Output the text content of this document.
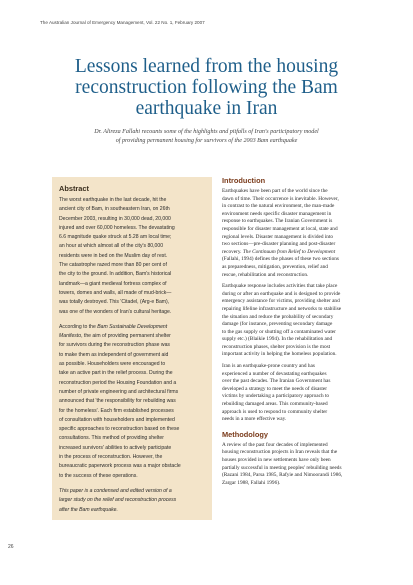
The Australian Journal of Emergency Management, Vol. 22 No. 1, February 2007
Lessons learned from the housing
reconstruction following the Bam
earthquake in Iran
Dr. Alireza Fallahi recounts some of the highlights and pitfalls of Iran's participatory model
of providing permanent housing for survivors of the 2003 Bam earthquake
Abstract
The worst earthquake in the last decade, hit the
ancient city of Bam, in southeastern Iran, on 26th
December 2003, resulting in 30,000 dead, 20,000
injured and over 60,000 homeless. The devastating
6.6 magnitude quake struck at 5.28 am local time;
an hour at which almost all of the city's 80,000
residents were in bed on the Muslim day of rest.
The catastrophe razed more than 80 per cent of
the city to the ground. In addition, Bam's historical
landmark—a giant medieval fortress complex of
towers, domes and walls, all made of mud-brick—
was totally destroyed. This 'Citadel, (Arg-e Bam),
was one of the wonders of Iran's cultural heritage.
According to the Bam Sustainable Development
Manifesto, the aim of providing permanent shelter
for survivors during the reconstruction phase was
to make them as independent of government aid
as possible. Householders were encouraged to
take an active part in the relief process. During the
reconstruction period the Housing Foundation and a
number of private engineering and architectural firms
announced that 'the responsibility for rebuilding was
for the homeless'. Each firm established processes
of consultation with householders and implemented
specific approaches to reconstruction based on these
consultations. This method of providing shelter
increased survivors' abilities to actively participate
in the process of reconstruction. However, the
bureaucratic paperwork process was a major obstacle
to the success of these operations.
This paper is a condensed and edited version of a
larger study on the relief and reconstruction process
after the Bam earthquake.
Introduction
Earthquakes have been part of the world since the
dawn of time. Their occurrence is inevitable. However,
in contrast to the natural environment, the man-made
environment needs specific disaster management in
response to earthquakes. The Iranian Government is
responsible for disaster management at local, state and
regional levels. Disaster management is divided into
two sections—pre-disaster planning and post-disaster
recovery. The Continuum from Relief to Development
(Fallahi, 1994) defines the phases of these two sections
as preparedness, mitigation, prevention, relief and
rescue, rehabilitation and reconstruction.
Earthquake response includes activities that take place
during or after an earthquake and is designed to provide
emergency assistance for victims, providing shelter and
repairing lifeline infrastructure and networks to stabilise
the situation and reduce the probability of secondary
damage (for instance, preventing secondary damage
to the gas supply or shutting off a contaminated water
supply etc.) (Blaikie 1994). In the rehabilitation and
reconstruction phases, shelter provision is the most
important activity in helping the homeless population.
Iran is an earthquake-prone country and has
experienced a number of devastating earthquakes
over the past decades. The Iranian Government has
developed a strategy to meet the needs of disaster
victims by undertaking a participatory approach to
rebuilding damaged areas. This community-based
approach is used to respond to community shelter
needs in a more effective way.
Methodology
A review of the past four decades of implemented
housing reconstruction projects in Iran reveals that the
houses provided in new settlements have only been
partially successful in meeting peoples' rebuilding needs
(Razani 1984, Parsa 1985, Rafyie and Nimoorandi 1986,
Zargar 1988, Fallahi 1996).
26
